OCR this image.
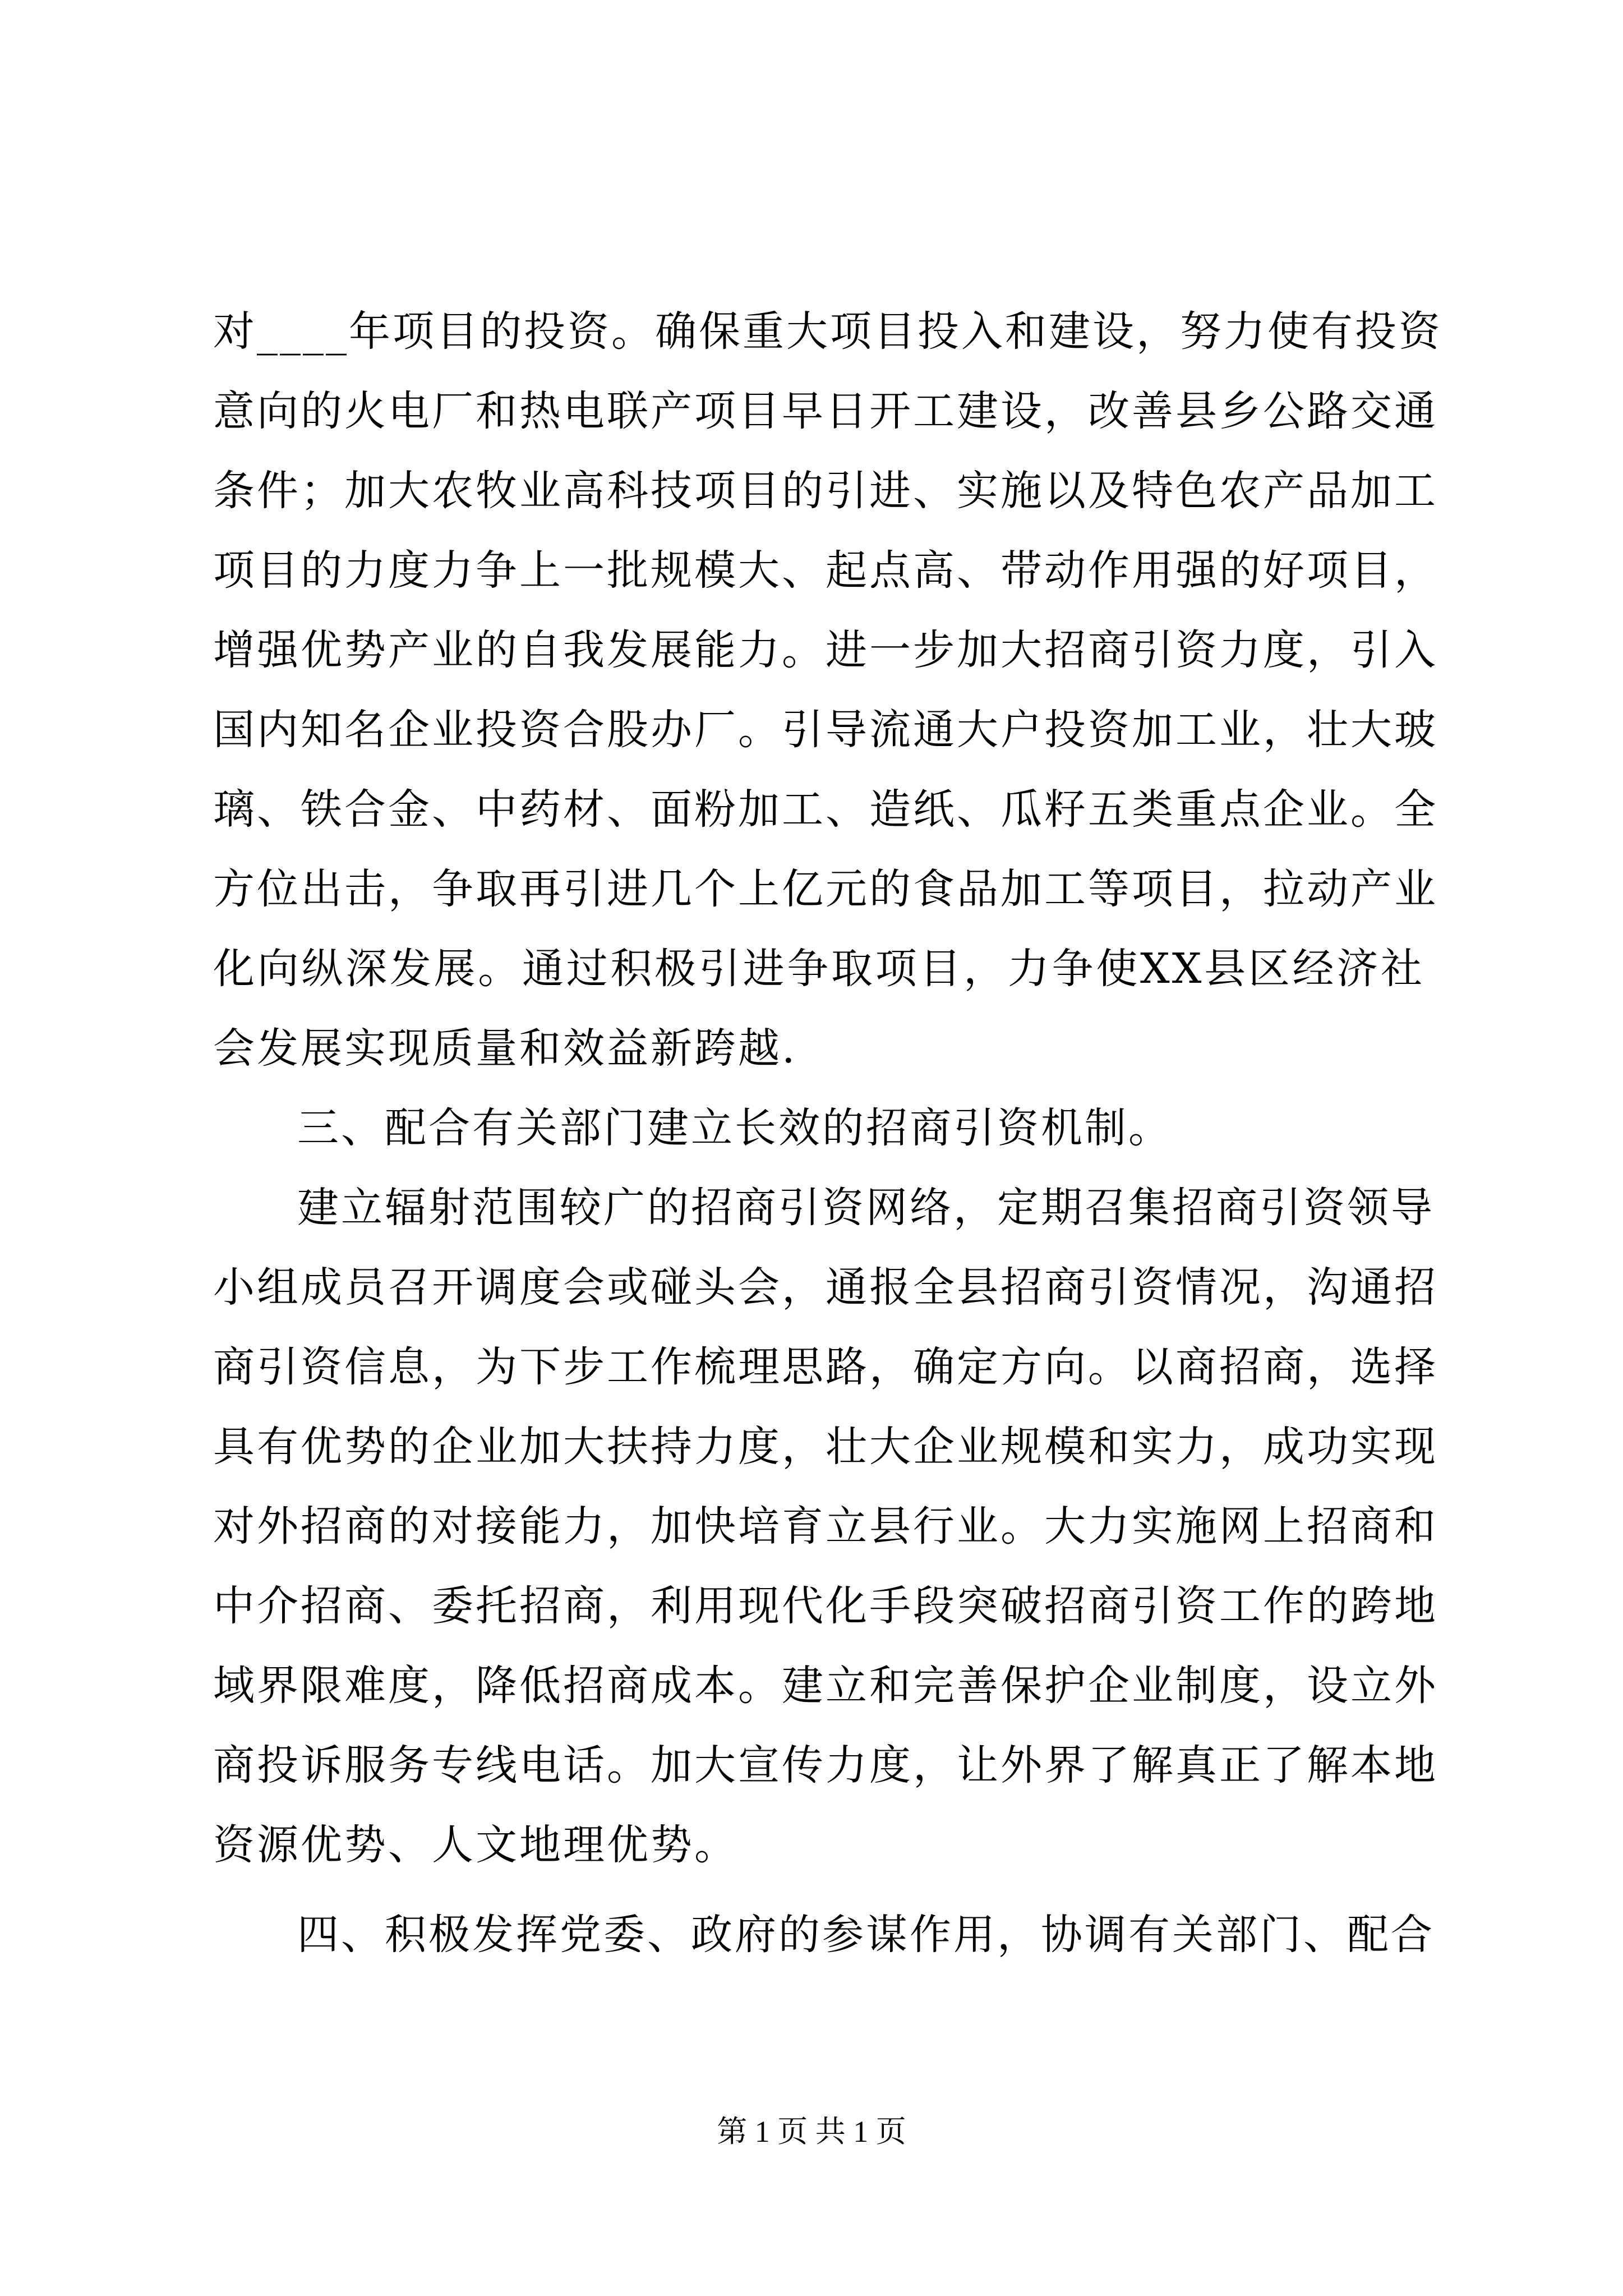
对____年项目的投资。确保重大项目投入和建设，努力使有投资
意向的火电厂和热电联产项目早日开工建设，改善县乡公路交通
条件；加大农牧业高科技项目的引进、实施以及特色农产品加工
项目的力度力争上一批规模大、起点高、带动作用强的好项目，
增强优势产业的自我发展能力。进一步加大招商引资力度，引入
国内知名企业投资合股办厂。引导流通大户投资加工业，壮大玻
璃、铁合金、中药材、面粉加工、造纸、瓜籽五类重点企业。全
方位出击，争取再引进几个上亿元的食品加工等项目，拉动产业
化向纵深发展。通过积极引进争取项目，力争使XX县区经济社
会发展实现质量和效益新跨越.
三、配合有关部门建立长效的招商引资机制。
建立辐射范围较广的招商引资网络，定期召集招商引资领导
小组成员召开调度会或碰头会，通报全县招商引资情况，沟通招
商引资信息，为下步工作梳理思路，确定方向。以商招商，选择
具有优势的企业加大扶持力度，壮大企业规模和实力，成功实现
对外招商的对接能力，加快培育立县行业。大力实施网上招商和
中介招商、委托招商，利用现代化手段突破招商引资工作的跨地
域界限难度，降低招商成本。建立和完善保护企业制度，设立外
商投诉服务专线电话。加大宣传力度，让外界了解真正了解本地
资源优势、人文地理优势。
四、积极发挥党委、政府的参谋作用，协调有关部门、配合
第 1 页 共 1 页
